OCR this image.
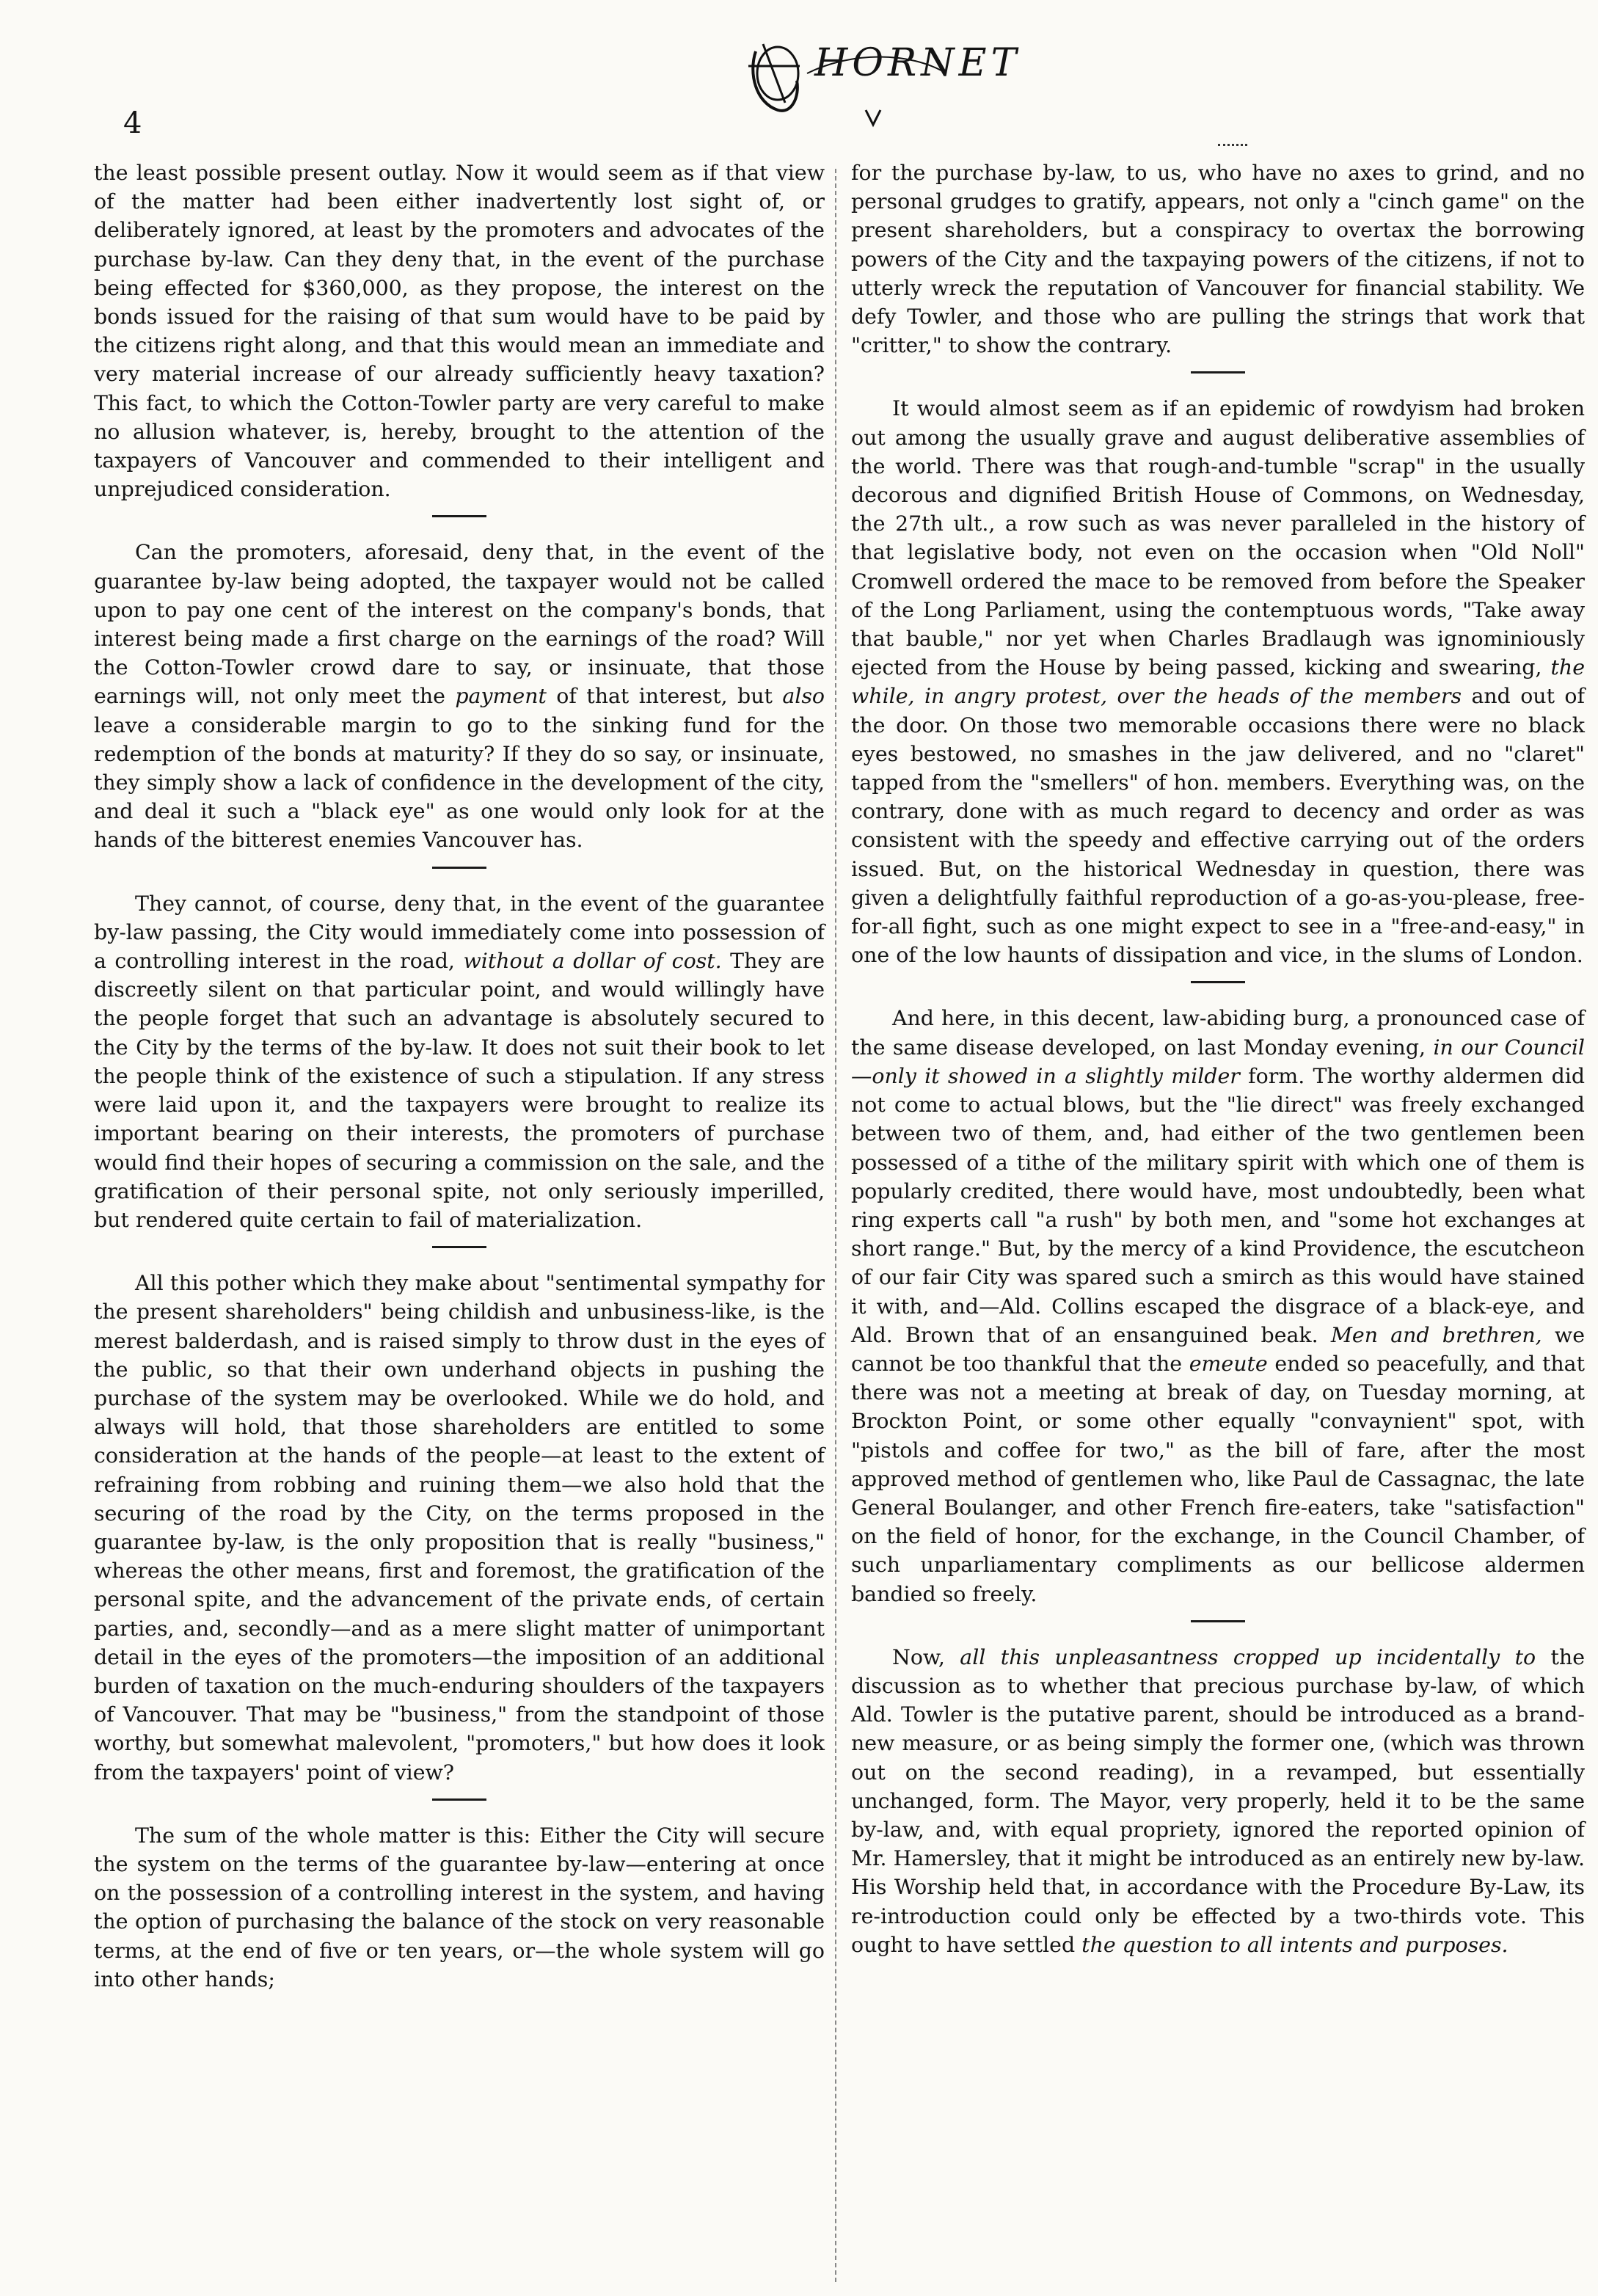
4
HORNET

the least possible present outlay. Now it would seem as if that view of the matter had been either inadvertently lost sight of, or deliberately ignored, at least by the promoters and advocates of the purchase by-law. Can they deny that, in the event of the purchase being effected for $360,000, as they propose, the interest on the bonds issued for the raising of that sum would have to be paid by the citizens right along, and that this would mean an immediate and very material increase of our already sufficiently heavy taxation? This fact, to which the Cotton-Towler party are very careful to make no allusion whatever, is, hereby, brought to the attention of the taxpayers of Vancouver and commended to their intelligent and unprejudiced consideration.

Can the promoters, aforesaid, deny that, in the event of the guarantee by-law being adopted, the taxpayer would not be called upon to pay one cent of the interest on the company's bonds, that interest being made a first charge on the earnings of the road? Will the Cotton-Towler crowd dare to say, or insinuate, that those earnings will, not only meet the payment of that interest, but also leave a considerable margin to go to the sinking fund for the redemption of the bonds at maturity? If they do so say, or insinuate, they simply show a lack of confidence in the development of the city, and deal it such a "black eye" as one would only look for at the hands of the bitterest enemies Vancouver has.

They cannot, of course, deny that, in the event of the guarantee by-law passing, the City would immediately come into possession of a controlling interest in the road, without a dollar of cost. They are discreetly silent on that particular point, and would willingly have the people forget that such an advantage is absolutely secured to the City by the terms of the by-law. It does not suit their book to let the people think of the existence of such a stipulation. If any stress were laid upon it, and the taxpayers were brought to realize its important bearing on their interests, the promoters of purchase would find their hopes of securing a commission on the sale, and the gratification of their personal spite, not only seriously imperilled, but rendered quite certain to fail of materialization.

All this pother which they make about "sentimental sympathy for the present shareholders" being childish and unbusiness-like, is the merest balderdash, and is raised simply to throw dust in the eyes of the public, so that their own underhand objects in pushing the purchase of the system may be overlooked. While we do hold, and always will hold, that those shareholders are entitled to some consideration at the hands of the people—at least to the extent of refraining from robbing and ruining them—we also hold that the securing of the road by the City, on the terms proposed in the guarantee by-law, is the only proposition that is really "business," whereas the other means, first and foremost, the gratification of the personal spite, and the advancement of the private ends, of certain parties, and, secondly—and as a mere slight matter of unimportant detail in the eyes of the promoters—the imposition of an additional burden of taxation on the much-enduring shoulders of the taxpayers of Vancouver. That may be "business," from the standpoint of those worthy, but somewhat malevolent, "promoters," but how does it look from the taxpayers' point of view?

The sum of the whole matter is this: Either the City will secure the system on the terms of the guarantee by-law—entering at once on the possession of a controlling interest in the system, and having the option of purchasing the balance of the stock on very reasonable terms, at the end of five or ten years, or—the whole system will go into other hands;

for the purchase by-law, to us, who have no axes to grind, and no personal grudges to gratify, appears, not only a "cinch game" on the present shareholders, but a conspiracy to overtax the borrowing powers of the City and the taxpaying powers of the citizens, if not to utterly wreck the reputation of Vancouver for financial stability. We defy Towler, and those who are pulling the strings that work that "critter," to show the contrary.

It would almost seem as if an epidemic of rowdyism had broken out among the usually grave and august deliberative assemblies of the world. There was that rough-and-tumble "scrap" in the usually decorous and dignified British House of Commons, on Wednesday, the 27th ult., a row such as was never paralleled in the history of that legislative body, not even on the occasion when "Old Noll" Cromwell ordered the mace to be removed from before the Speaker of the Long Parliament, using the contemptuous words, "Take away that bauble," nor yet when Charles Bradlaugh was ignominiously ejected from the House by being passed, kicking and swearing, the while, in angry protest, over the heads of the members and out of the door. On those two memorable occasions there were no black eyes bestowed, no smashes in the jaw delivered, and no "claret" tapped from the "smellers" of hon. members. Everything was, on the contrary, done with as much regard to decency and order as was consistent with the speedy and effective carrying out of the orders issued. But, on the historical Wednesday in question, there was given a delightfully faithful reproduction of a go-as-you-please, free-for-all fight, such as one might expect to see in a "free-and-easy," in one of the low haunts of dissipation and vice, in the slums of London.

And here, in this decent, law-abiding burg, a pronounced case of the same disease developed, on last Monday evening, in our Council—only it showed in a slightly milder form. The worthy aldermen did not come to actual blows, but the "lie direct" was freely exchanged between two of them, and, had either of the two gentlemen been possessed of a tithe of the military spirit with which one of them is popularly credited, there would have, most undoubtedly, been what ring experts call "a rush" by both men, and "some hot exchanges at short range." But, by the mercy of a kind Providence, the escutcheon of our fair City was spared such a smirch as this would have stained it with, and—Ald. Collins escaped the disgrace of a black-eye, and Ald. Brown that of an ensanguined beak. Men and brethren, we cannot be too thankful that the emeute ended so peacefully, and that there was not a meeting at break of day, on Tuesday morning, at Brockton Point, or some other equally "convaynient" spot, with "pistols and coffee for two," as the bill of fare, after the most approved method of gentlemen who, like Paul de Cassagnac, the late General Boulanger, and other French fire-eaters, take "satisfaction" on the field of honor, for the exchange, in the Council Chamber, of such unparliamentary compliments as our bellicose aldermen bandied so freely.

Now, all this unpleasantness cropped up incidentally to the discussion as to whether that precious purchase by-law, of which Ald. Towler is the putative parent, should be introduced as a brand-new measure, or as being simply the former one, (which was thrown out on the second reading), in a revamped, but essentially unchanged, form. The Mayor, very properly, held it to be the same by-law, and, with equal propriety, ignored the reported opinion of Mr. Hamersley, that it might be introduced as an entirely new by-law. His Worship held that, in accordance with the Procedure By-Law, its re-introduction could only be effected by a two-thirds vote. This ought to have settled the question to all intents and purposes.
